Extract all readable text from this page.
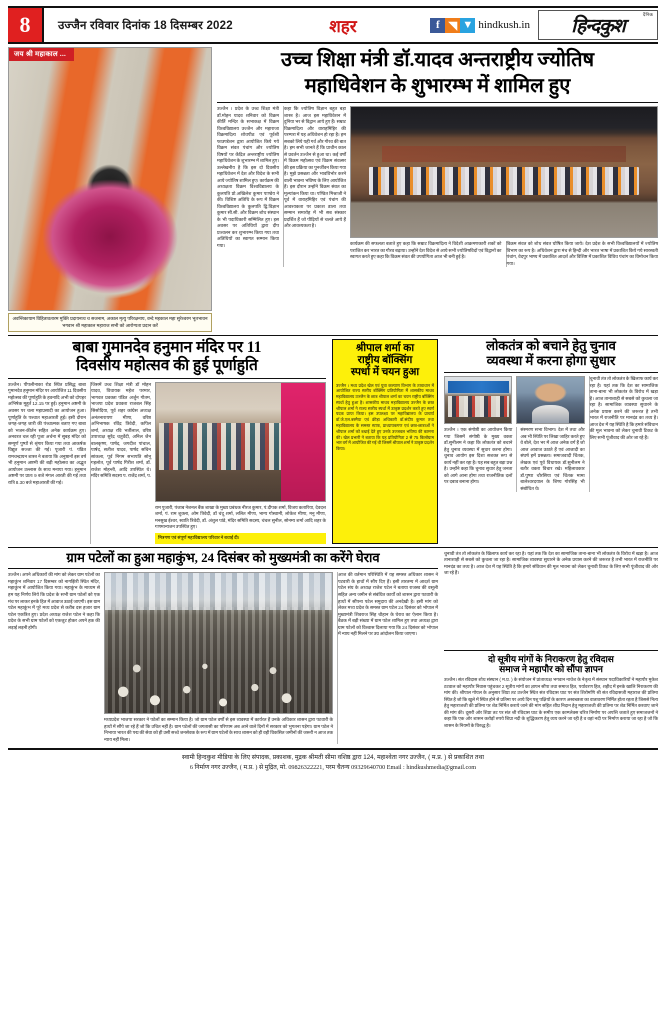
8	उज्जैन रविवार दिनांक 18 दिसम्बर 2022	शहर	f ◥ ▼ hindkush.in
दैनिक
हिन्दकुश
जय श्री महाकाल ...
अवन्तिकायाम विहितावतारम मुक्ति प्रदायनाथ च सजनाम, अकाल मृत्यु परिरक्षनाय, वन्दे महकाल महा सुरेश्वरम भूतभावन भगवान श्री महाकाल महाराज सभी को आरोग्यता प्रदान करें
उच्च शिक्षा मंत्री डॉ.यादव अन्तराष्ट्रीय ज्योतिष
महाधिवेशन के शुभारम्भ में शामिल हुए
उज्जैन । प्रदेश के उच्च शिक्षा मंत्री डॉ.मोहन यादव शनिवार को विक्रम कीर्ति मन्दिर के सभाकक्ष में विक्रम विश्वविद्यालय उज्जैन और महाराजा विक्रमादित्य शोधपीठ एवं पूर्वश्री फाउण्डेशन द्वारा आयोजित किये गये विक्रम संवत पंचांग और ज्योतिष विषयों पर केंद्रित अन्तराष्ट्रीय ज्योतिष महाधिवेशन के शुभारम्भ में शामिल हुए। उल्लेखनीय है कि इस दो दिवसीय महाधिवेशन में देश और विदेश के सभी आये ज्योतिष शामिल हुए। कार्यक्रम की अध्यक्षता विक्रम विश्वविद्यालय के कुलपति प्रो.अखिलेश कुमार पाण्डेय ने की। विशिष्ट अतिथि के रूप में विक्रम विश्वविद्यालय के कुलपति द्वि.विज्ञान कुमार सी.सी. और विक्रम शोध संस्थान के भी पदाधिकारी सम्मिलित हुए। इस अवसर पर अतिथियों द्वारा दीप प्रज्वलन कर शुभारम्भ किया गया तथा अतिथियों का स्वागत सम्मान किया गया।
कहा कि ज्योतिष विज्ञान बहुत बड़ा शास्त्र है। आज इस महाविवेशन में दुनिया भर से विद्वान आये हुए हैं। सम्राट विक्रमादित्य और वाराहमिहिर की परम्परा में यह अधिवेशन हो रहा है। हम सबको लिये यही गर्व और गौरव की बात है। हम सभी जानते हैं कि प्राचीन काल से प्रवर्तन उज्जैन से हुआ था। कई वर्षों में विक्रम महोत्सव एवं विक्रम संवत्सर की इस प्रक्रिया का पुनर्जीवन किया गया है। मुझे प्रसन्नता और भावविभोर करने वाली भावना भविष्य के लिए आयोजित हैं। इस दौरान उन्होंने विक्रम संवत का मूल्यांकन किया था। पण्डित मिश्राजी ने पूर्व में वाराहमिहिर एवं पंचांग की आवश्यकता पर प्रकाश डाला तथा सम्मान समारोह में भी सब संस्कार प्रदर्शित हैं जो पीढ़ियों से चलते आये हैं और आवश्यकता है।
कार्यक्रम की सफलता बताते हुए कहा कि सम्राट विक्रमादित्य ने विदेशी आक्रमणकारी शकों को पराजित कर भारत का गौरव बढ़ाया। उन्होंने देश विदेश से आये सभी ज्योतिषविदों एवं विद्वानों का स्वागत करते हुए कहा कि विक्रम संवत की उपयोगिता आज भी बनी हुई है।
विक्रम संवत को शोध संवत घोषित किया जाये। देश प्रदेश के सभी विश्वविद्यालयों में ज्योतिष विभाग का रूप है। अधिवेशन द्वारा मंच से हिन्दी और भारत भाषा में प्रकाशित किये गये सारस्वती पंचांग, वेदपुर भाष्य में प्रकाशित आदर्श और विशिष्ट में प्रकाशित विविध पंचांग का विमोचन किया गया।
बाबा गुमानदेव हनुमान मंदिर पर 11
दिवसीय महोत्सव की हुई पूर्णाहुति
उज्जैन। पीपलीनाका रोड स्थित प्रसिद्ध बाबा गुमानदेव हनुमान मंदिर पर आयोजित 11 दिवसीय महोत्सव की पूर्णाहुति के हवनादि अभी को दोपहर अभिषेक मुहूर्त 12.15 पर हुई। हनुमान अष्टमी के अवसर पर चला महाप्रसादी का आयोजन हुआ। पूर्णाहुति के पश्चात महाआरती हुई। इसी दौरान जगह-जगह जारी की पंच्चात्मक बताए गए बाबा को भजन-कीर्तन सहित अनेक कार्यक्रम हुए। अनवरत चल रही पूजा अर्चना में सुबह मंदिर को सम्पूर्ण पुष्पों से श्रृंगार किया गया तथा आकर्षक विद्युत सज्जा की गई। पूजारी पं. पंडित रामचन्द्रायन शास्त्र ने बताया कि अनुष्ठानों इस वर्ष भी हनुमान अष्टमी की बड़ी महोत्सव का अद्भुत आयोजन उल्लास के साथ मनाया गया। हनुमान अष्टमी पर प्रातः 9 बजे मंगल आरती की गई तथा रात्रि 8.30 बजे महाआरती की गई।
जिसमें उच्च शिक्षा मंत्री डॉ मोहन यादव, विधायक महेश परमार, भागवत प्रवक्ता पंडित अर्जुन गौतम, भाजपा प्रदेश प्रवक्ता राजबल सिंह सिसोदिया, पूर्व शहर कांग्रेस अध्यक्ष अनंतनारायण मीणा, वरिष्ठ अभिभाषक रविंद्र त्रिवेदी, कपिल शर्मा, अध्यक्ष रवि भर्तीलाल, वरिष्ठ उपाध्यक्ष सुरेंद्र चतुर्वेदी, अनिल जैन बालकृष्ण, पार्षद, जगदीश पांचाल, पार्षद, सतीश यादव, पार्षद सचिन सांकला, पूर्व निगम सभापति सोनू गहलोत, पूर्व पार्षद गिरीश शर्मा, डॉ. राजेश मोहन्ती, आदि उपस्थित थे। मंदिर समिति सदस्य प. राजेंद्र शर्मा, प.
राम पुजारी, पंजाब नेशनल बैंक शाखा के मुख्य प्रबंधक नीरज कुमार, पं.दीपक शर्मा, विजय कतारिया, देवदत्त शर्मा, पं. राम शुक्ला, ओम त्रिवेदी, डॉ चंदू शर्मा, ललित मीणा, भाग्य गोस्वामी, लोकेश मीणा, मनु मीणा, मनसुख ईश्वर, स्वाति त्रिवेदी, डॉ. अंशुल पांडे, मंदिर समिति सदस्य, चंचल सुनील, सोनम्य शर्मा आदि शहर के गणमान्यजन उपस्थित हुए।
मित्रगण एवं संपूर्ण महाविद्यालय परिवार ने बधाई दी।
श्रीपाल शर्मा का
राष्ट्रीय बॉक्सिंग
स्पर्धा में चयन हुआ
उज्जैन । मध्य प्रदेश खेल एवं युवा कल्याण विभाग के तत्वाधान में आयोजित राज्य स्तरीय बॉक्सिंग प्रतियोगिता में शासकीय माधव महाविद्यालय उज्जैन के छात्र श्रीपाल शर्मा का चयन राष्ट्रीय बॉक्सिंग स्पर्धा हेतु हुआ है। शासकीय माधव महाविद्यालय उज्जैन के छात्र श्रीपाल शर्मा ने राज्य स्तरीय स्पर्धा में उत्कृष्ट प्रदर्शन करते हुए स्वर्ण पदक प्राप्त किया। इस उपलक्ष्य पर महाविद्यालय के प्राचार्य डॉ.जे.एल.बरमैया एवं क्रीड़ा अधिकारी डॉ.संदीप कुमार तथा महाविद्यालय के समस्त स्टाफ, प्राध्यापकगण एवं छात्र-छात्राओं ने श्रीपाल शर्मा को बधाई देते हुए उनके उज्जवल भविष्य की कामना की। खेल प्रभारी ने बताया कि यह प्रतियोगिता 2 से 75 किलोग्राम भार वर्ग में आयोजित की गई थी जिसमें श्रीपाल शर्मा ने उत्कृष्ट प्रदर्शन किया।
लोकतंत्र को बचाने हेतु चुनाव
व्यवस्था में करना होगा सुधार
उज्जैन । एक संगोष्ठी का आयोजन किया गया जिसमें संगोष्ठी के मुख्य वक्ता डॉ.सुनीलम ने कहा कि लोकतंत्र को बचाने हेतु चुनाव व्यवस्था में सुधार करना होगा। चुनाव आयोग इस दिशा सशक्त रूप से कार्य नहीं कर रहा है। यह सब बहुत बड़ा प्रश्न है। उन्होंने कहा कि चुनाव सुधार हेतु जनता को आगे आना होगा तथा राजनीतिक दलों पर दबाव बनाना होगा।
संस्मरण सभा विभाग। देश में तथा और अब भी स्थिति पर लिखा जाहिर करते हुए वे बोले, देश भर में आज अनेक वर्ग हैं जो आज आवाज उठाते हैं एवं आजादी का संघर्ष हमें प्रसन्नता। समाजवादी चिंतक, लेखक एवं पूर्व विधायक डॉ.सुनीलम ने बतौर वक्ता विचार रखे। महिलावकार डॉ.पुष्पा चौरसिया एवं चिंतक मामा बालेश्वरदयाल के शिष्य गोरसिंह भी संबोधित थे।
चुनावी तंत्र तो लोकतंत्र के खिलाफ कार्य कर रहा है। यहां तक कि देश का सामाजिक ताना-बाना भी लोकतंत्र के विरोध में खड़ा है। आज तानाशाही से सबसे को कुचला जा रहा है। सामाजिक व्यवस्था सुधारने के अनेक प्रयास करने की जरूरत है तभी भारत में राजनीति पर मानदंड का तथ्य है। आज देश में यह स्थिति है कि हमारे संविधान की मूल भावना को लेकर चुनावी टिकट के लिए सभी पूंजीवाद की ओर जा रहे हैं।
ग्राम पटेलों का हुआ महाकुंभ, 24 दिसंबर को मुख्यमंत्री का करेंगे घेराव
उज्जैन। अपने अधिकारों की मांग को लेकर ग्राम पटेलों का महाकुंभ शनिवार 17 दिसम्बर को नागझिरी स्थित मंदिर, महाकुंभ में आयोजित किया गया। महाकुंभ के माध्यम से हम यह निर्णय लिये कि प्रदेश के सभी ग्राम पटेलों को एक मंच पर लाकर इनके हित में आवाज उठाई जाएगी। इस ग्राम पटेल महाकुंभ में पूरे मध्य प्रदेश से करीब दस हजार ग्राम पटेल एकत्रित हुए। प्रदेश अध्यक्ष राजेश पटेल ने कहा कि प्रदेश के सभी ग्राम पटेलों को एकजुट होकर अपने हक की लड़ाई लड़नी होगी।
मध्यप्रदेश भाजपा सरकार ने पटेलों का सम्मान किया है। जो ग्राम पटेल वर्षों से इस व्यवस्था में कार्यरत हैं उनके अधिकार शासन द्वारा पटवारी के हाथों में सौंपे जा रहे हैं जो कि उचित नहीं है। ग्राम पटेलों की जगतासी का परिणाम अब आने वाले दिनों में सरकार को भुगतना पड़ेगा। ग्राम पटेल ने निभाया भारत की पद्म की सेवा को ही उसी सच्चे जनसेवक के रूप में ग्राम पटेलों के साथ शासन को ही वही विकसित जमीनों की जरूरी न आज तक न्याय नहीं मिला।
आज की वर्तमान परिस्थिति में यह समस्त अधिकार शासन ने पटवारी के हाथों में सौंप दिए हैं। इसी तारतम्य में आदर्श ग्राम पटेल संघ के अध्यक्ष राजेश पटेल ने बताया राजस्व की वसूली सहित अन्य जमीन से संबंधित कार्यों को शासन द्वारा पटवारी के हाथों में सौंपना पटेल समुदाय की अनदेखी है। इसी मांग को लेकर मध्य प्रदेश के समस्त ग्राम पटेल 24 दिसंबर को भोपाल में मुख्यमंत्री शिवराज सिंह चौहान के घेराव का ऐलान किया है। बैठक में बड़ी संख्या में ग्राम पटेल शामिल हुए तथा अध्यक्ष द्वारा ग्राम पटेलों को विश्वास दिलाया गया कि 24 दिसंबर को भोपाल में न्याय नहीं मिलने पर उग्र आंदोलन किया जाएगा।
चुनावी तंत्र तो लोकतंत्र के खिलाफ कार्य कर रहा है। यहां तक कि देश का सामाजिक ताना-बाना भी लोकतंत्र के विरोध में खड़ा है। आज तानाशाही से सबसे को कुचला जा रहा है। सामाजिक व्यवस्था सुधारने के अनेक प्रयास करने की जरूरत है तभी भारत में राजनीति पर मानदंड का तथ्य है। आज देश में यह स्थिति है कि हमारे संविधान की मूल भावना को लेकर चुनावी टिकट के लिए सभी पूंजीवाद की ओर जा रहे हैं।
दो सूत्रीय मांगों के निराकरण हेतु रविदास
समाज ने महापौर को सौंपा ज्ञापन
उज्जैन। संत रविदास शोध संस्थान ( म.प्र. ) के संयोजन में प्रांताध्यक्ष भगवान नाथेश के नेतृत्व में संस्थान पदाधिकारियों ने महापौर मुकेश टटवाल को महापौर निवास पहुंचकर 2 सूत्रीय मांगों का ज्ञापन सौंपा तथा समाज हित, पर्यावरण हित, शहीद में इनके खालि निराकरण की मांग की। श्रीपाल गोयल के अनुसार शिप्रा तट उज्जैन स्थित संत रविदास घाट पर संत शिरोमणि श्री संत रविदासजी महाराज की प्रतिमा स्थित है जो कि खुले में स्थित होने से प्रतिमा पर आये दिन पशु पक्षियों के कारण अस्वच्छता का वातावरण निर्मित होता रहता है जिससे नित्य हेतु महाराजजी की प्रतिमा पर शेड निर्मित कराये जाने की मांग सहित शीघ्र निदान हेतु महाराजजी की प्रतिमा पर शेड निर्मित करवाए जाने की मांग की। दूसरी ओर शिप्रा तट पर संत श्री रविदास घाट के समीप एक काम्प्लेक्स चरित्र निर्माण पर अपत्ति जताते हुए समाजजनों ने कहा कि एक ओर शासन करोड़ों रुपये शिप्रा नदी के शुद्धिकरण हेतु व्यय करने जा रही है व वहां नदी पर निर्माण कराया जा रहा है जो कि शासन के नियमों के विरुद्ध है।
स्वामी हिन्दकुश मीडिया के लिए संपादक, प्रकाशक, मुद्रक श्रीमती सीमा वशिष्ठ द्वारा 124, महाश्वेता नगर उज्जैन, ( म.प्र. ) से प्रकाशित तथा
6 निर्माण नगर उज्जैन, ( म.प्र. ) से मुद्रित, मो. 09826322221, परम चैतन्य 09329640700 Email : hindkushmedia@gmail.com
